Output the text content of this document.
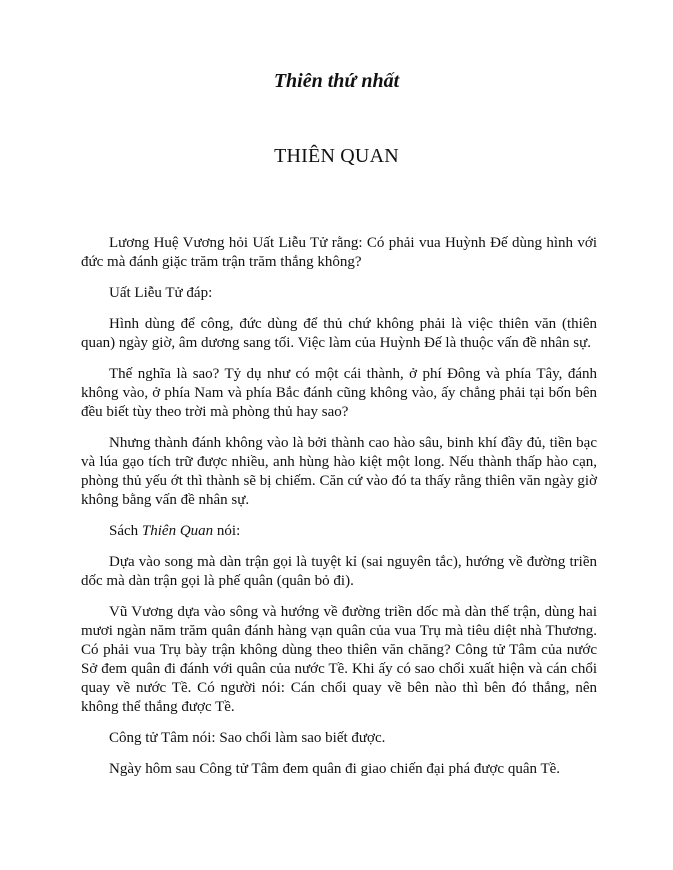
Thiên thứ nhất
THIÊN QUAN

Lương Huệ Vương hỏi Uất Liễu Tử rằng: Có phải vua Huỳnh Đế dùng hình với đức mà đánh giặc trăm trận trăm thắng không?

Uất Liễu Tử đáp:

Hình dùng để công, đức dùng để thủ chứ không phải là việc thiên văn (thiên quan) ngày giờ, âm dương sang tối. Việc làm của Huỳnh Đế là thuộc vấn đề nhân sự.

Thế nghĩa là sao? Tỷ dụ như có một cái thành, ở phí Đông và phía Tây, đánh không vào, ở phía Nam và phía Bắc đánh cũng không vào, ấy chẳng phải tại bốn bên đều biết tùy theo trời mà phòng thủ hay sao?

Nhưng thành đánh không vào là bởi thành cao hào sâu, binh khí đầy đủ, tiền bạc và lúa gạo tích trữ được nhiều, anh hùng hào kiệt một long. Nếu thành thấp hào cạn, phòng thủ yếu ớt thì thành sẽ bị chiếm. Căn cứ vào đó ta thấy rằng thiên văn ngày giờ không bằng vấn đề nhân sự.

Sách Thiên Quan nói:

Dựa vào song mà dàn trận gọi là tuyệt kỉ (sai nguyên tắc), hướng về đường triền dốc mà dàn trận gọi là phế quân (quân bỏ đi).

Vũ Vương dựa vào sông và hướng về đường triền dốc mà dàn thế trận, dùng hai mươi ngàn năm trăm quân đánh hàng vạn quân của vua Trụ mà tiêu diệt nhà Thương. Có phải vua Trụ bày trận không dùng theo thiên văn chăng? Công tử Tâm của nước Sở đem quân đi đánh với quân của nước Tề. Khi ấy có sao chổi xuất hiện và cán chổi quay về nước Tề. Có người nói: Cán chổi quay về bên nào thì bên đó thắng, nên không thể thắng được Tề.

Công tử Tâm nói: Sao chổi làm sao biết được.

Ngày hôm sau Công tử Tâm đem quân đi giao chiến đại phá được quân Tề.
